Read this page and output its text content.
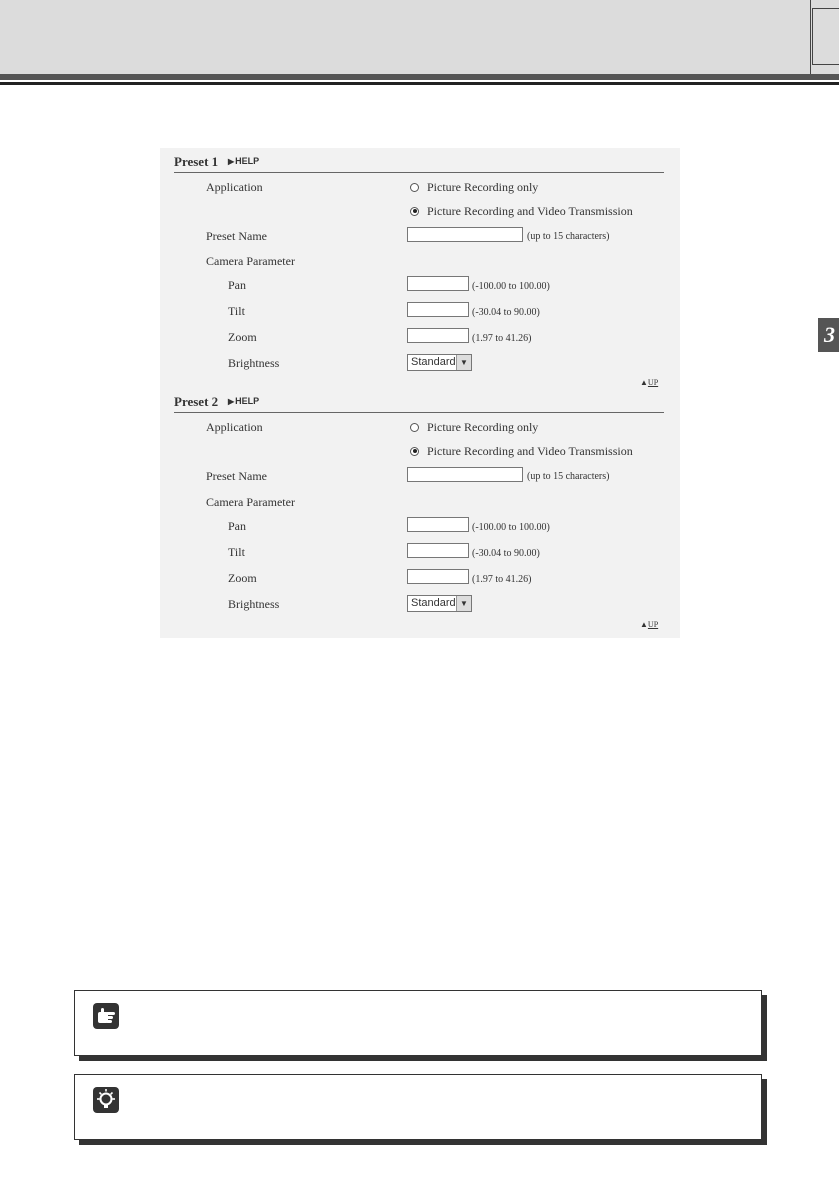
3
Preset 1 ▶HELP
Application	Picture Recording only
Picture Recording and Video Transmission
Preset Name	(up to 15 characters)
Camera Parameter
Pan	(-100.00 to 100.00)
Tilt	(-30.04 to 90.00)
Zoom	(1.97 to 41.26)
Brightness	Standard ▼
▲UP
Preset 2 ▶HELP
Application	Picture Recording only
Picture Recording and Video Transmission
Preset Name	(up to 15 characters)
Camera Parameter
Pan	(-100.00 to 100.00)
Tilt	(-30.04 to 90.00)
Zoom	(1.97 to 41.26)
Brightness	Standard ▼
▲UP
